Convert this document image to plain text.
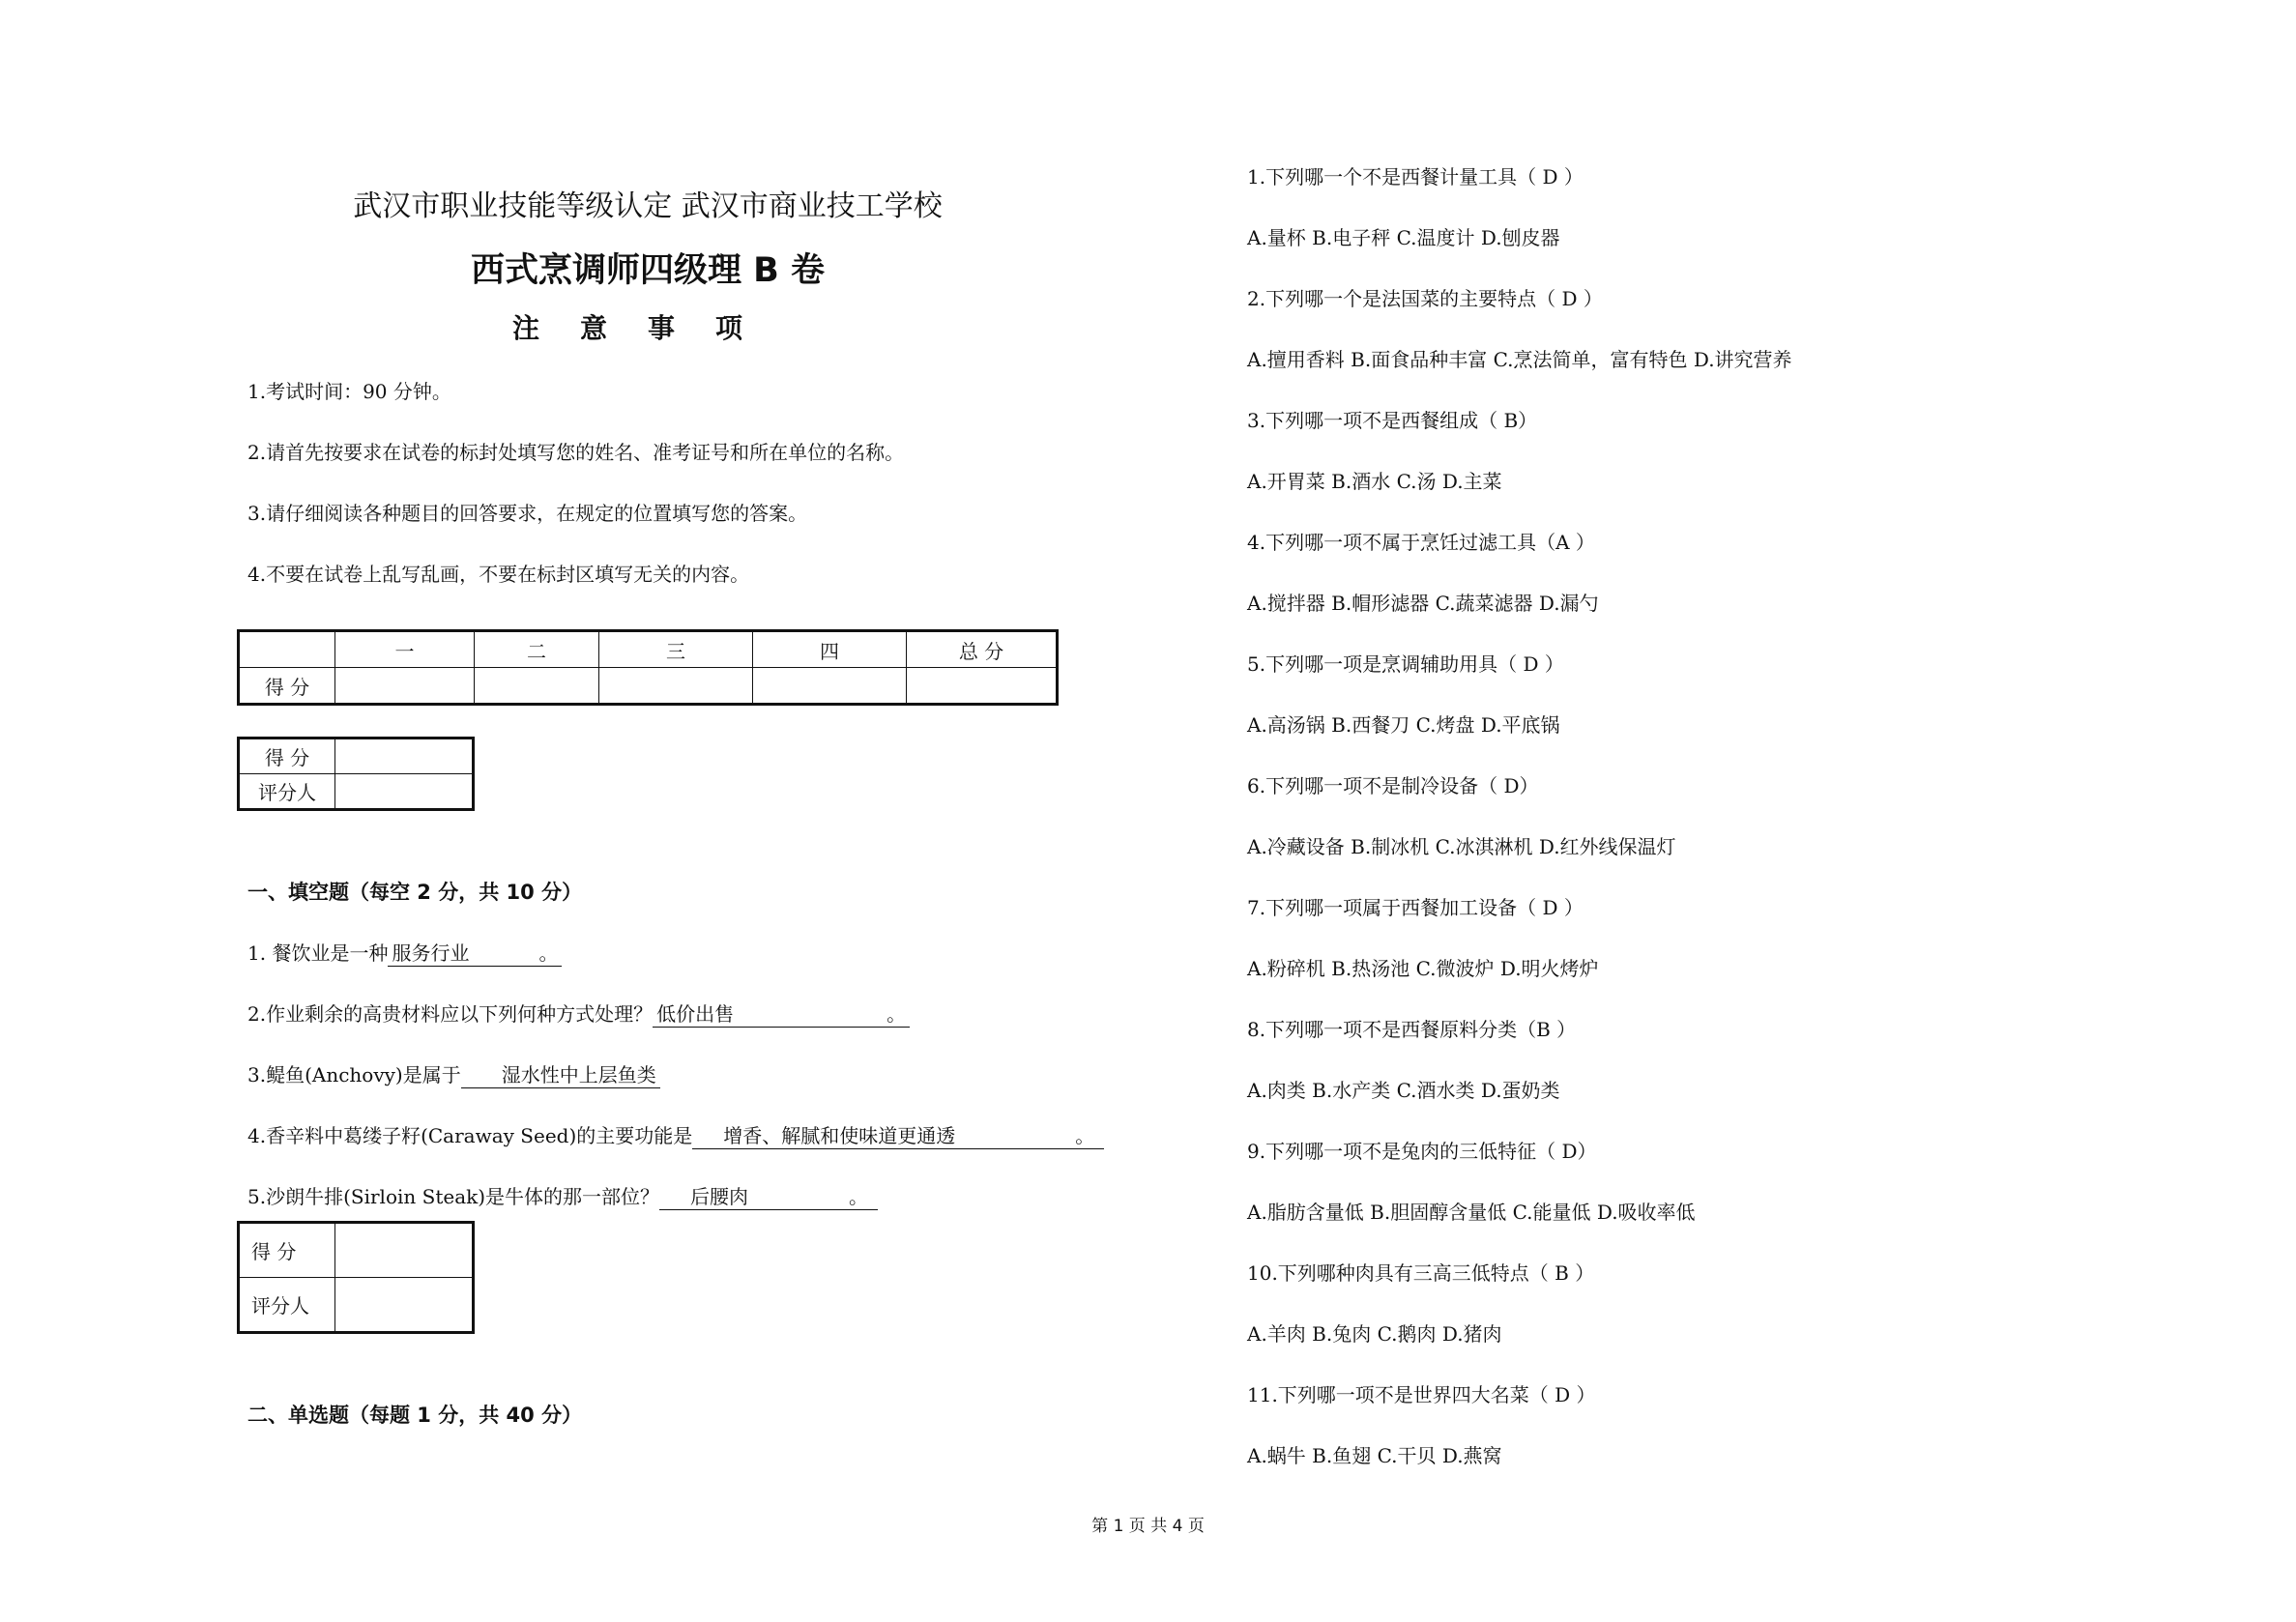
武汉市职业技能等级认定 武汉市商业技工学校
西式烹调师四级理 B 卷
注意事项
1.考试时间：90 分钟。
2.请首先按要求在试卷的标封处填写您的姓名、准考证号和所在单位的名称。
3.请仔细阅读各种题目的回答要求，在规定的位置填写您的答案。
4.不要在试卷上乱写乱画，不要在标封区填写无关的内容。
	一	二	三	四	总 分
得 分					
得 分	
评分人	
一、填空题（每空 2 分，共 10 分）
1. 餐饮业是一种 服务行业	。
2.作业剩余的高贵材料应以下列何种方式处理？ 低价出售	。
3.鳀鱼(Anchovy)是属于 湿水性中上层鱼类
4.香辛料中葛缕子籽(Caraway Seed)的主要功能是 增香、解腻和使味道更通透	。
5.沙朗牛排(Sirloin Steak)是牛体的那一部位？ 后腰肉	。
得 分	
评分人	
二、单选题（每题 1 分，共 40 分）
1.下列哪一个不是西餐计量工具（ D ）
A.量杯 B.电子秤 C.温度计 D.刨皮器
2.下列哪一个是法国菜的主要特点（ D ）
A.擅用香料 B.面食品种丰富 C.烹法简单，富有特色 D.讲究营养
3.下列哪一项不是西餐组成（ B）
A.开胃菜 B.酒水 C.汤 D.主菜
4.下列哪一项不属于烹饪过滤工具（A ）
A.搅拌器 B.帽形滤器 C.蔬菜滤器 D.漏勺
5.下列哪一项是烹调辅助用具（ D ）
A.高汤锅 B.西餐刀 C.烤盘 D.平底锅
6.下列哪一项不是制冷设备（ D）
A.冷藏设备 B.制冰机 C.冰淇淋机 D.红外线保温灯
7.下列哪一项属于西餐加工设备（ D ）
A.粉碎机 B.热汤池 C.微波炉 D.明火烤炉
8.下列哪一项不是西餐原料分类（B ）
A.肉类 B.水产类 C.酒水类 D.蛋奶类
9.下列哪一项不是兔肉的三低特征（ D）
A.脂肪含量低 B.胆固醇含量低 C.能量低 D.吸收率低
10.下列哪种肉具有三高三低特点（ B ）
A.羊肉 B.兔肉 C.鹅肉 D.猪肉
11.下列哪一项不是世界四大名菜（ D ）
A.蜗牛 B.鱼翅 C.干贝 D.燕窝
第 1 页 共 4 页
